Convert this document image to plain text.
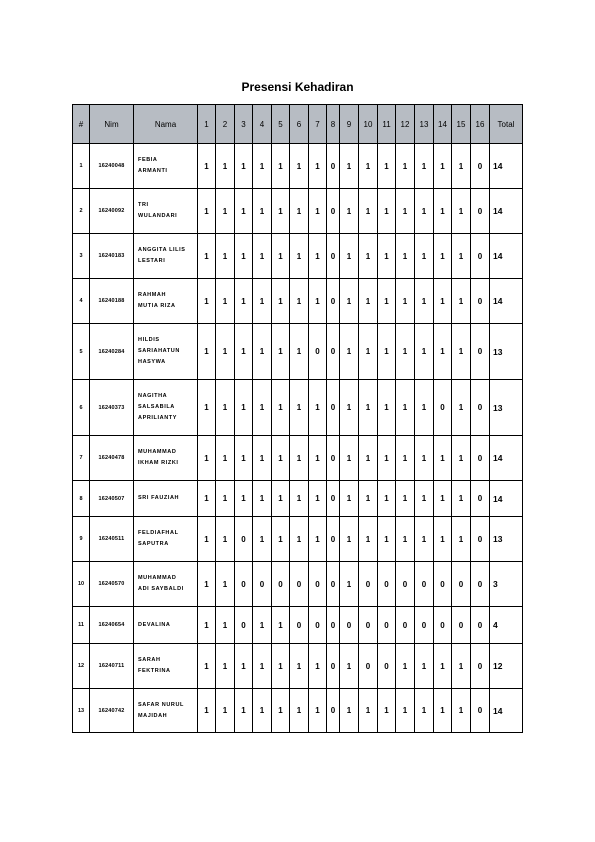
Presensi Kehadiran
#	Nim	Nama	1	2	3	4	5	6	7	8	9	10	11	12	13	14	15	16	Total
1	16240048	FEBIA
ARMANTI	1	1	1	1	1	1	1	0	1	1	1	1	1	1	1	0	14
2	16240092	TRI
WULANDARI	1	1	1	1	1	1	1	0	1	1	1	1	1	1	1	0	14
3	16240183	ANGGITA LILIS
LESTARI	1	1	1	1	1	1	1	0	1	1	1	1	1	1	1	0	14
4	16240188	RAHMAH
MUTIA RIZA	1	1	1	1	1	1	1	0	1	1	1	1	1	1	1	0	14
5	16240284	HILDIS
SARIAHATUN
HASYWA	1	1	1	1	1	1	0	0	1	1	1	1	1	1	1	0	13
6	16240373	NAGITHA
SALSABILA
APRILIANTY	1	1	1	1	1	1	1	0	1	1	1	1	1	0	1	0	13
7	16240478	MUHAMMAD
IKHAM RIZKI	1	1	1	1	1	1	1	0	1	1	1	1	1	1	1	0	14
8	16240507	SRI FAUZIAH	1	1	1	1	1	1	1	0	1	1	1	1	1	1	1	0	14
9	16240511	FELDIAFHAL
SAPUTRA	1	1	0	1	1	1	1	0	1	1	1	1	1	1	1	0	13
10	16240570	MUHAMMAD
ADI SAYBALDI	1	1	0	0	0	0	0	0	1	0	0	0	0	0	0	0	3
11	16240654	DEVALINA	1	1	0	1	1	0	0	0	0	0	0	0	0	0	0	0	4
12	16240711	SARAH
FEKTRINA	1	1	1	1	1	1	1	0	1	0	0	1	1	1	1	0	12
13	16240742	SAFAR NURUL
MAJIDAH	1	1	1	1	1	1	1	0	1	1	1	1	1	1	1	0	14
